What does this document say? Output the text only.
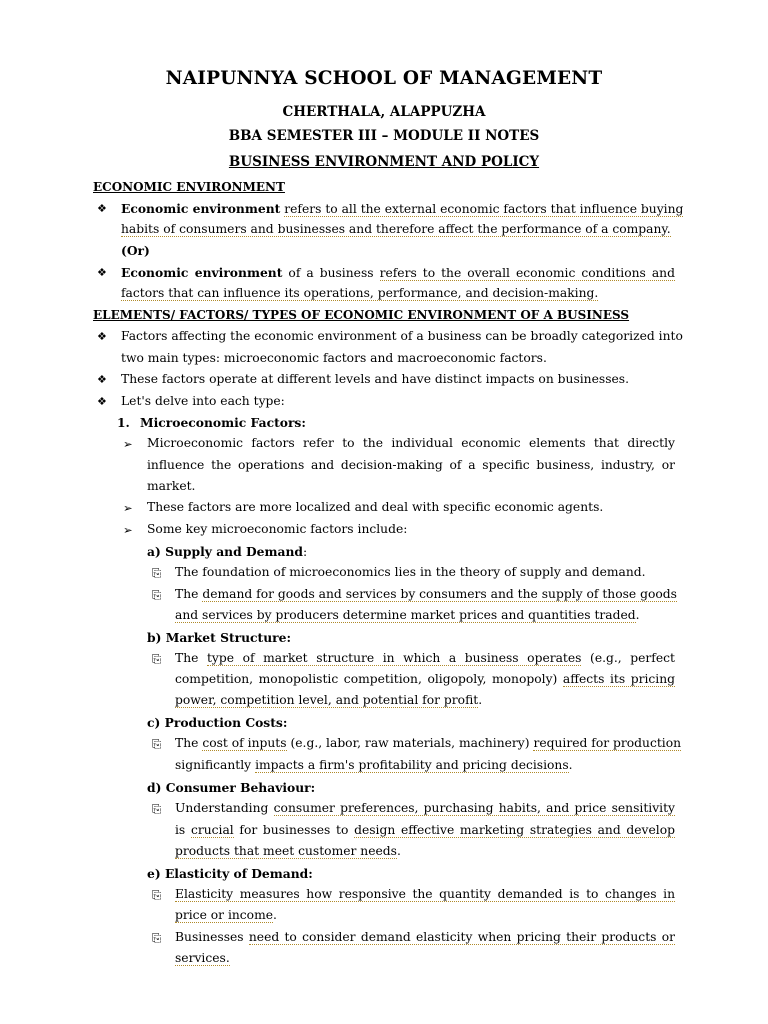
NAIPUNNYA SCHOOL OF MANAGEMENT
CHERTHALA, ALAPPUZHA
BBA SEMESTER III – MODULE II NOTES
BUSINESS ENVIRONMENT AND POLICY
ECONOMIC ENVIRONMENT
❖ Economic environment refers to all the external economic factors that influence buying
habits of consumers and businesses and therefore affect the performance of a company.
(Or)
❖ Economic environment of a business refers to the overall economic conditions and
factors that can influence its operations, performance, and decision-making.
ELEMENTS/ FACTORS/ TYPES OF ECONOMIC ENVIRONMENT OF A BUSINESS
❖ Factors affecting the economic environment of a business can be broadly categorized into
two main types: microeconomic factors and macroeconomic factors.
❖ These factors operate at different levels and have distinct impacts on businesses.
❖ Let's delve into each type:
1. Microeconomic Factors:
➢ Microeconomic factors refer to the individual economic elements that directly
influence the operations and decision-making of a specific business, industry, or
market.
➢ These factors are more localized and deal with specific economic agents.
➢ Some key microeconomic factors include:
a) Supply and Demand:
⎘ The foundation of microeconomics lies in the theory of supply and demand.
⎘ The demand for goods and services by consumers and the supply of those goods
and services by producers determine market prices and quantities traded.
b) Market Structure:
⎘ The type of market structure in which a business operates (e.g., perfect
competition, monopolistic competition, oligopoly, monopoly) affects its pricing
power, competition level, and potential for profit.
c) Production Costs:
⎘ The cost of inputs (e.g., labor, raw materials, machinery) required for production
significantly impacts a firm's profitability and pricing decisions.
d) Consumer Behaviour:
⎘ Understanding consumer preferences, purchasing habits, and price sensitivity
is crucial for businesses to design effective marketing strategies and develop
products that meet customer needs.
e) Elasticity of Demand:
⎘ Elasticity measures how responsive the quantity demanded is to changes in
price or income.
⎘ Businesses need to consider demand elasticity when pricing their products or
services.
